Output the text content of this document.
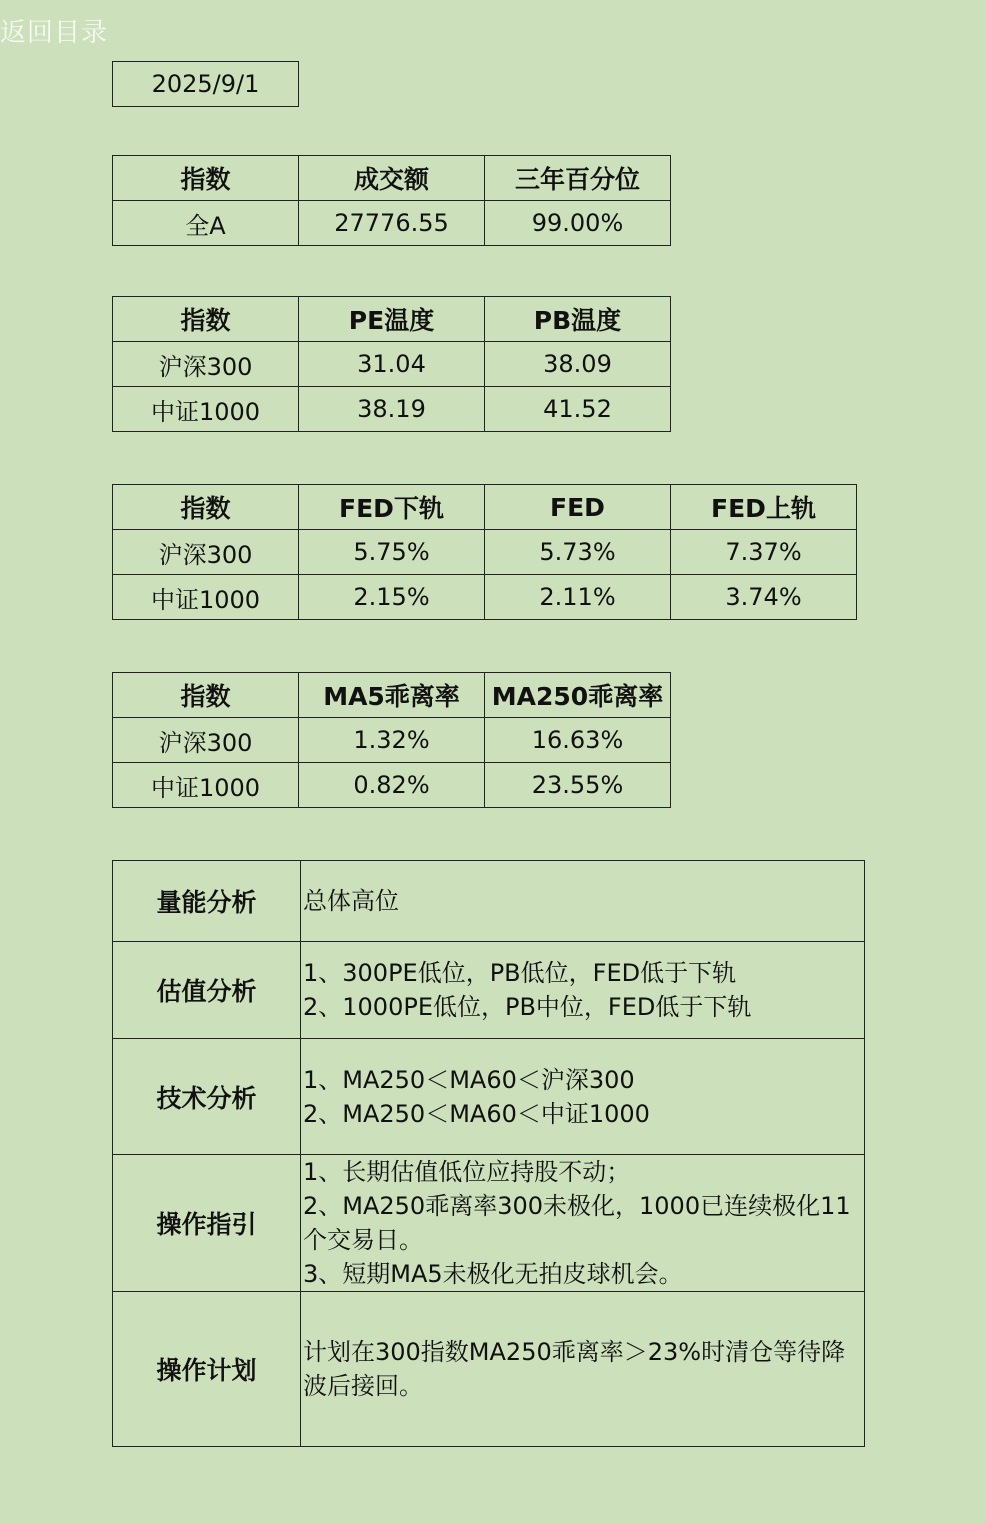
返回目录
2025/9/1
指数	成交额	三年百分位
全A	27776.55	99.00%
指数	PE温度	PB温度
沪深300	31.04	38.09
中证1000	38.19	41.52
指数	FED下轨	FED	FED上轨
沪深300	5.75%	5.73%	7.37%
中证1000	2.15%	2.11%	3.74%
指数	MA5乖离率	MA250乖离率
沪深300	1.32%	16.63%
中证1000	0.82%	23.55%
量能分析	总体高位

估值分析	1、300PE低位，PB低位，FED低于下轨
2、1000PE低位，PB中位，FED低于下轨

技术分析	1、MA250＜MA60＜沪深300
2、MA250＜MA60＜中证1000

操作指引	1、长期估值低位应持股不动；
2、MA250乖离率300未极化，1000已连续极化11个交易日。
3、短期MA5未极化无拍皮球机会。

操作计划	计划在300指数MA250乖离率＞23%时清仓等待降波后接回。
